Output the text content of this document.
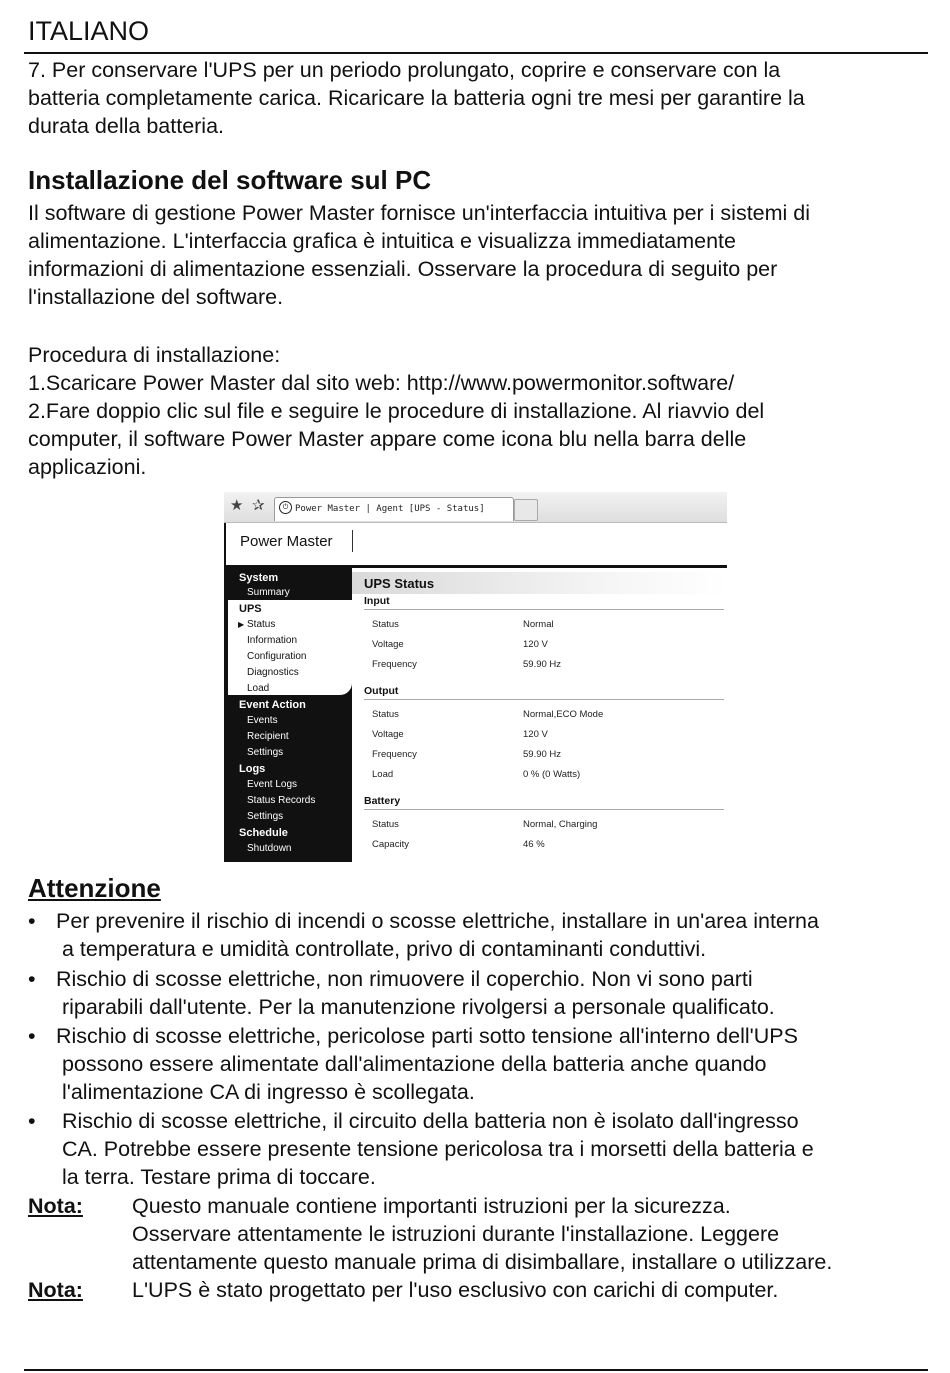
ITALIANO

7. Per conservare l'UPS per un periodo prolungato, coprire e conservare con la
batteria completamente carica. Ricaricare la batteria ogni tre mesi per garantire la
durata della batteria.

Installazione del software sul PC

Il software di gestione Power Master fornisce un'interfaccia intuitiva per i sistemi di
alimentazione. L'interfaccia grafica è intuitica e visualizza immediatamente
informazioni di alimentazione essenziali. Osservare la procedura di seguito per
l'installazione del software.

Procedura di installazione:

1.Scaricare Power Master dal sito web: http://www.powermonitor.software/

2.Fare doppio clic sul file e seguire le procedure di installazione. Al riavvio del
computer, il software Power Master appare come icona blu nella barra delle
applicazioni.

★ ✰	⏻ Power Master | Agent [UPS - Status]
Power Master
System
Summary
UPS
▶ Status
Information
Configuration
Diagnostics
Load
Event Action
Events
Recipient
Settings
Logs
Event Logs
Status Records
Settings
Schedule
Shutdown
UPS Status
Input
Status	Normal
Voltage	120 V
Frequency	59.90 Hz
Output
Status	Normal,ECO Mode
Voltage	120 V
Frequency	59.90 Hz
Load	0 % (0 Watts)
Battery
Status	Normal, Charging
Capacity	46 %
Attenzione
• Per prevenire il rischio di incendi o scosse elettriche, installare in un'area interna
a temperatura e umidità controllate, privo di contaminanti conduttivi.

• Rischio di scosse elettriche, non rimuovere il coperchio. Non vi sono parti
riparabili dall'utente. Per la manutenzione rivolgersi a personale qualificato.

• Rischio di scosse elettriche, pericolose parti sotto tensione all'interno dell'UPS
possono essere alimentate dall'alimentazione della batteria anche quando
l'alimentazione CA di ingresso è scollegata.

•	Rischio di scosse elettriche, il circuito della batteria non è isolato dall'ingresso
CA. Potrebbe essere presente tensione pericolosa tra i morsetti della batteria e
la terra. Testare prima di toccare.

Nota: Questo manuale contiene importanti istruzioni per la sicurezza.
Osservare attentamente le istruzioni durante l'installazione. Leggere
attentamente questo manuale prima di disimballare, installare o utilizzare.

Nota: L'UPS è stato progettato per l'uso esclusivo con carichi di computer.
